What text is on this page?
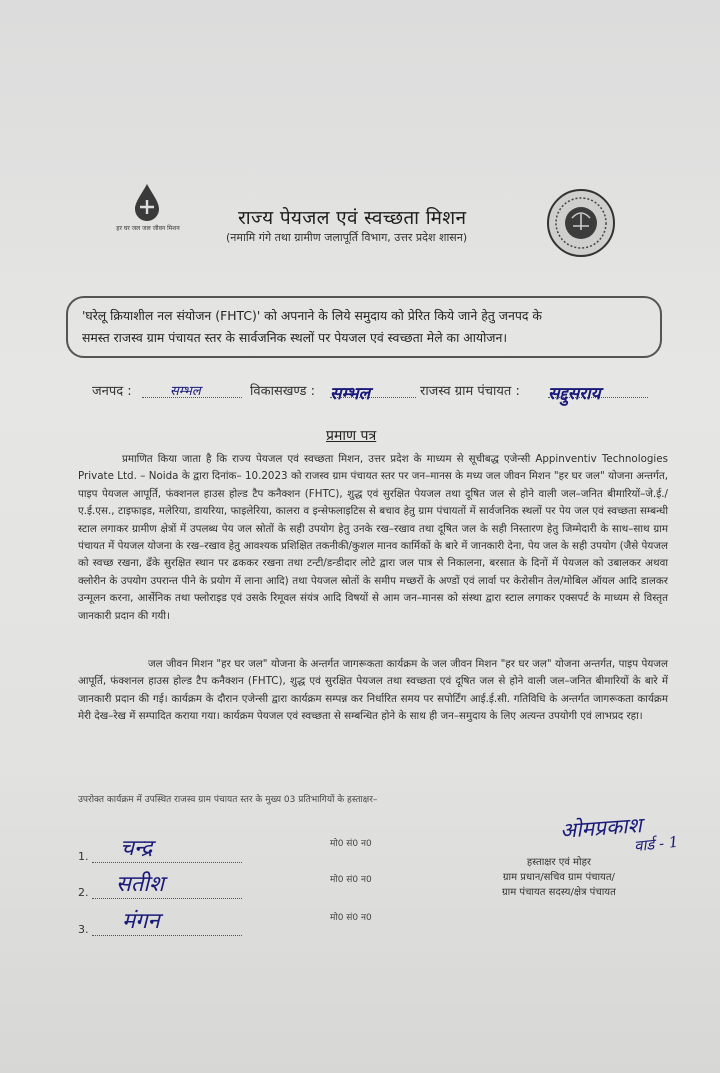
हर घर जल जल जीवन मिशन	राज्य पेयजल एवं स्वच्छता मिशन
(नमामि गंगे तथा ग्रामीण जलापूर्ति विभाग, उत्तर प्रदेश शासन)
'घरेलू क्रियाशील नल संयोजन (FHTC)' को अपनाने के लिये समुदाय को प्रेरित किये जाने हेतु जनपद के
समस्त राजस्व ग्राम पंचायत स्तर के सार्वजनिक स्थलों पर पेयजल एवं स्वच्छता मेले का आयोजन।
जनपद :	सम्भल	विकासखण्ड : सम्भल	राजस्व ग्राम पंचायत : सद्दुसराय
प्रमाण पत्र

प्रमाणित किया जाता है कि राज्य पेयजल एवं स्वच्छता मिशन, उत्तर प्रदेश के माध्यम से सूचीबद्ध एजेन्सी Appinventiv Technologies Private Ltd. – Noida के द्वारा दिनांक– 10.2023 को राजस्व ग्राम पंचायत स्तर पर जन–मानस के मध्य जल जीवन मिशन "हर घर जल" योजना अन्तर्गत, पाइप पेयजल आपूर्ति, फंक्शनल हाउस होल्ड टैप कनैक्शन (FHTC), शुद्ध एवं सुरक्षित पेयजल तथा दूषित जल से होने वाली जल–जनित बीमारियों–जे.ई./ए.ई.एस., टाइफाइड, मलेरिया, डायरिया, फाइलेरिया, कालरा व इन्सेफलाइटिस से बचाव हेतु ग्राम पंचायतों में सार्वजनिक स्थलों पर पेय जल एवं स्वच्छता सम्बन्धी स्टाल लगाकर ग्रामीण क्षेत्रों में उपलब्ध पेय जल स्रोतों के सही उपयोग हेतु उनके रख–रखाव तथा दूषित जल के सही निस्तारण हेतु जिम्मेदारी के साथ–साथ ग्राम पंचायत में पेयजल योजना के रख–रखाव हेतु आवश्यक प्रशिक्षित तकनीकी/कुशल मानव कार्मिकों के बारे में जानकारी देना, पेय जल के सही उपयोग (जैसे पेयजल को स्वच्छ रखना, ढँके सुरक्षित स्थान पर ढककर रखना तथा टन्टी/डन्डीदार लोटे द्वारा जल पात्र से निकालना, बरसात के दिनों में पेयजल को उबालकर अथवा क्लोरीन के उपयोग उपरान्त पीने के प्रयोग में लाना आदि) तथा पेयजल स्रोतों के समीप मच्छरों के अण्डों एवं लार्वा पर केरोसीन तेल/मोबिल ऑयल आदि डालकर उन्मूलन करना, आर्सेनिक तथा फ्लोराइड एवं उसके रिमूवल संयंत्र आदि विषयों से आम जन–मानस को संस्था द्वारा स्टाल लगाकर एक्सपर्ट के माध्यम से विस्तृत जानकारी प्रदान की गयी।

जल जीवन मिशन "हर घर जल" योजना के अन्तर्गत जागरूकता कार्यक्रम के जल जीवन मिशन "हर घर जल" योजना अन्तर्गत, पाइप पेयजल आपूर्ति, फंक्शनल हाउस होल्ड टैप कनैक्शन (FHTC), शुद्ध एवं सुरक्षित पेयजल तथा स्वच्छता एवं दूषित जल से होने वाली जल–जनित बीमारियों के बारे में जानकारी प्रदान की गई। कार्यक्रम के दौरान एजेन्सी द्वारा कार्यक्रम सम्पन्न कर निर्धारित समय पर सपोर्टिंग आई.ई.सी. गतिविधि के अन्तर्गत जागरूकता कार्यक्रम मेरी देख–रेख में सम्पादित कराया गया। कार्यक्रम पेयजल एवं स्वच्छता से सम्बन्धित होने के साथ ही जन–समुदाय के लिए अत्यन्त उपयोगी एवं लाभप्रद रहा।

उपरोक्त कार्यक्रम में उपस्थित राजस्व ग्राम पंचायत स्तर के मुख्य 03 प्रतिभागियों के हस्ताक्षर–
1. चन्द्र	मो0 सं0 न0
2. सतीश	मो0 सं0 न0
3. मंगन	मो0 सं0 न0
ओमप्रकाश
वार्ड - 1
हस्ताक्षर एवं मोहर
ग्राम प्रधान/सचिव ग्राम पंचायत/
ग्राम पंचायत सदस्य/क्षेत्र पंचायत
